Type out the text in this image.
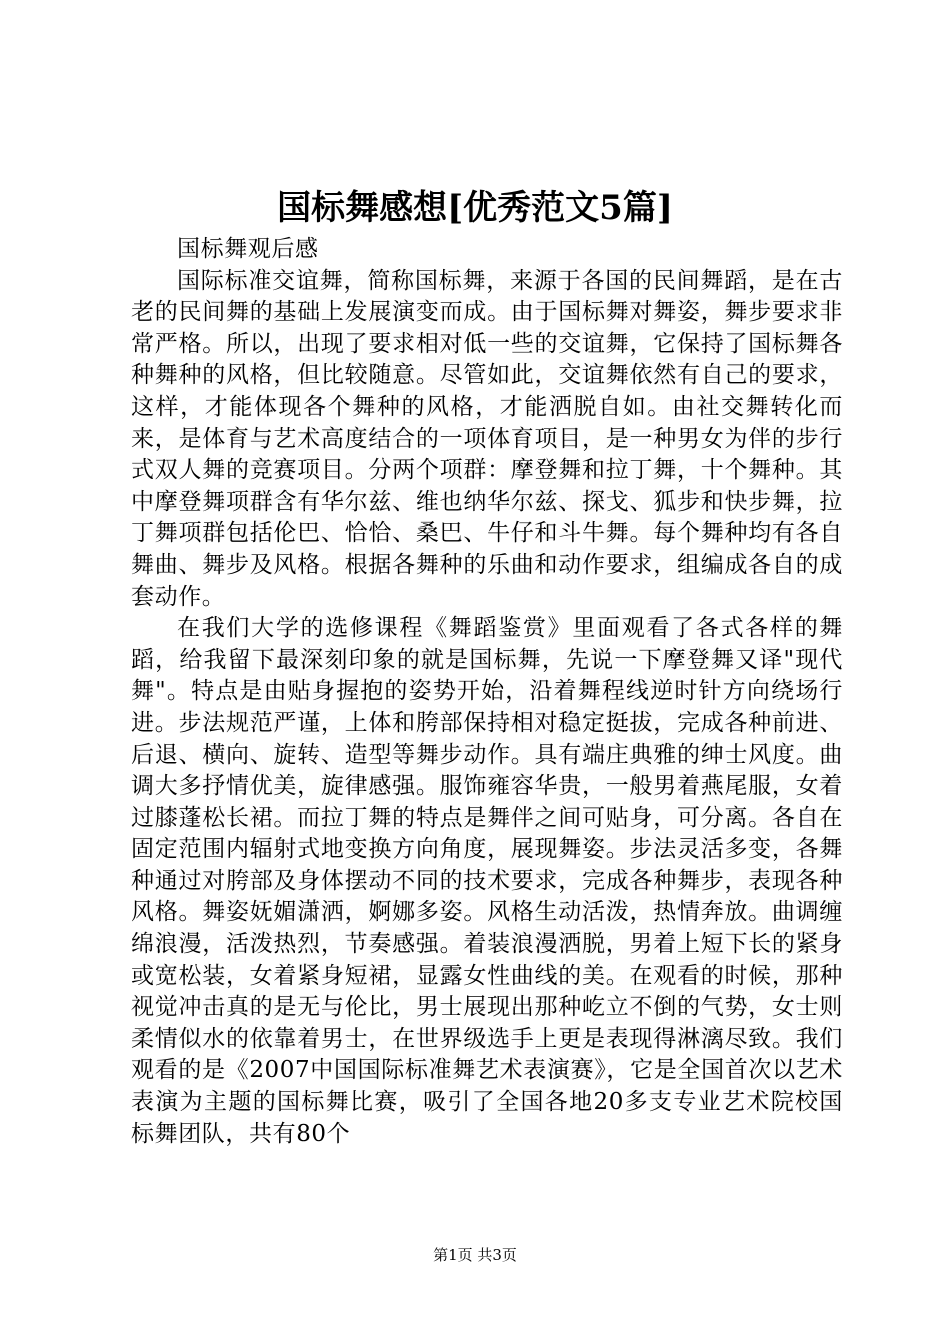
国标舞感想[优秀范文5篇]

国标舞观后感

国际标准交谊舞，简称国标舞，来源于各国的民间舞蹈，是在古老的民间舞的基础上发展演变而成。由于国标舞对舞姿，舞步要求非常严格。所以，出现了要求相对低一些的交谊舞，它保持了国标舞各种舞种的风格，但比较随意。尽管如此，交谊舞依然有自己的要求，这样，才能体现各个舞种的风格，才能洒脱自如。由社交舞转化而来，是体育与艺术高度结合的一项体育项目，是一种男女为伴的步行式双人舞的竞赛项目。分两个项群：摩登舞和拉丁舞，十个舞种。其中摩登舞项群含有华尔兹、维也纳华尔兹、探戈、狐步和快步舞，拉丁舞项群包括伦巴、恰恰、桑巴、牛仔和斗牛舞。每个舞种均有各自舞曲、舞步及风格。根据各舞种的乐曲和动作要求，组编成各自的成套动作。

在我们大学的选修课程《舞蹈鉴赏》里面观看了各式各样的舞蹈，给我留下最深刻印象的就是国标舞，先说一下摩登舞又译"现代舞"。特点是由贴身握抱的姿势开始，沿着舞程线逆时针方向绕场行进。步法规范严谨，上体和胯部保持相对稳定挺拔，完成各种前进、后退、横向、旋转、造型等舞步动作。具有端庄典雅的绅士风度。曲调大多抒情优美，旋律感强。服饰雍容华贵，一般男着燕尾服，女着过膝蓬松长裙。而拉丁舞的特点是舞伴之间可贴身，可分离。各自在固定范围内辐射式地变换方向角度，展现舞姿。步法灵活多变，各舞种通过对胯部及身体摆动不同的技术要求，完成各种舞步，表现各种风格。舞姿妩媚潇洒，婀娜多姿。风格生动活泼，热情奔放。曲调缠绵浪漫，活泼热烈，节奏感强。着装浪漫洒脱，男着上短下长的紧身或宽松装，女着紧身短裙，显露女性曲线的美。在观看的时候，那种视觉冲击真的是无与伦比，男士展现出那种屹立不倒的气势，女士则柔情似水的依靠着男士，在世界级选手上更是表现得淋漓尽致。我们观看的是《2007中国国际标准舞艺术表演赛》，它是全国首次以艺术表演为主题的国标舞比赛，吸引了全国各地20多支专业艺术院校国标舞团队，共有80个

第1页 共3页
